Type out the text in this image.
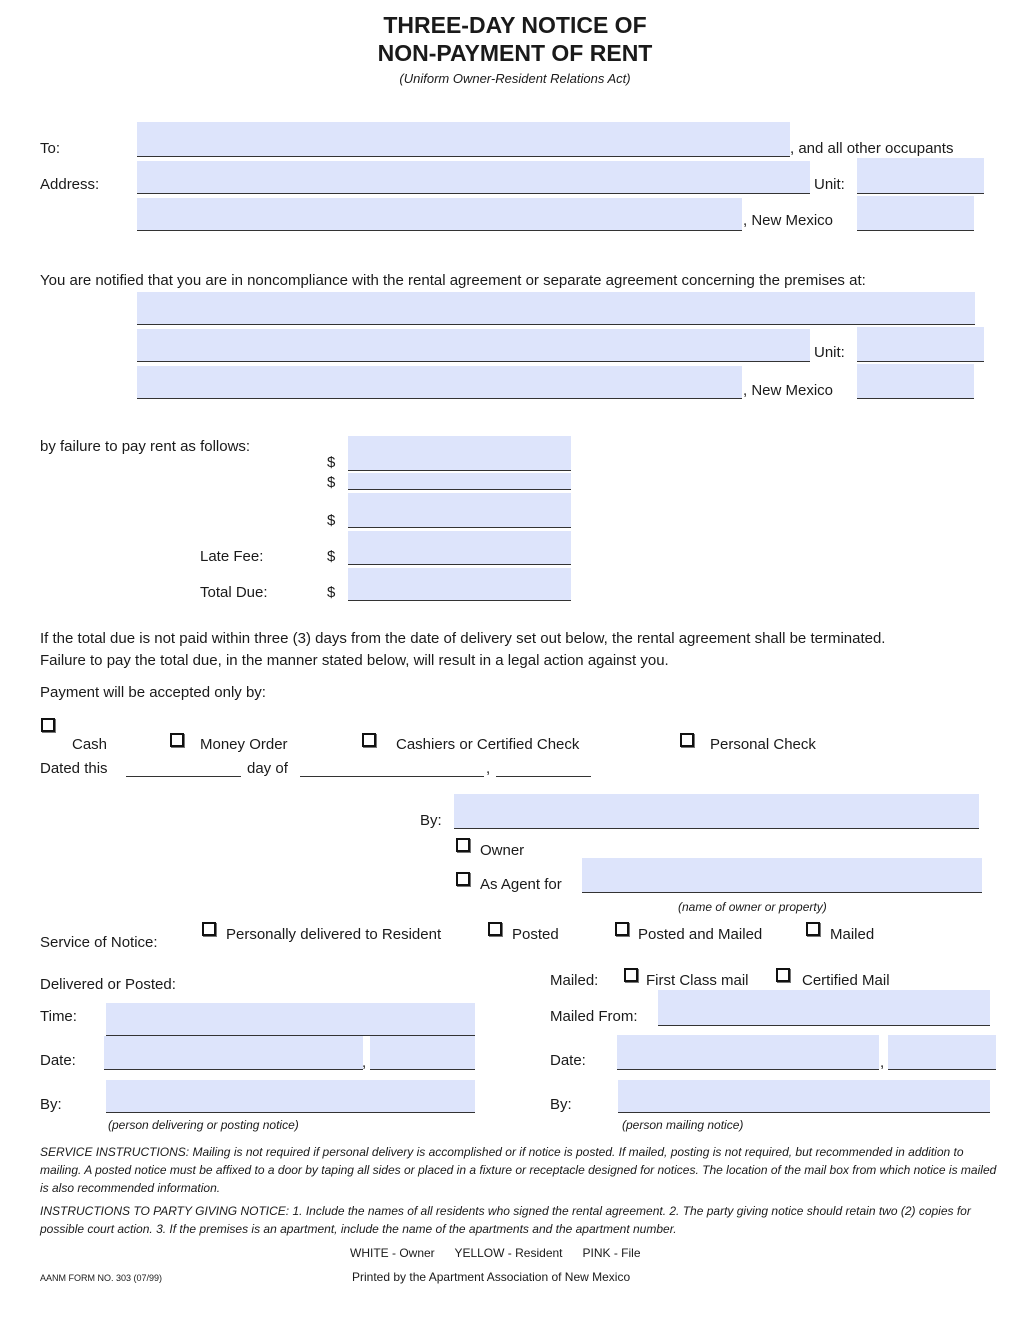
THREE-DAY NOTICE OF
NON-PAYMENT OF RENT
(Uniform Owner-Resident Relations Act)
To:	, and all other occupants
Address:	Unit:
, New Mexico
You are notified that you are in noncompliance with the rental agreement or separate agreement concerning the premises at:
Unit:
, New Mexico
by failure to pay rent as follows:
$
$
$
Late Fee:	$
Total Due:	$
If the total due is not paid within three (3) days from the date of delivery set out below, the rental agreement shall be terminated.
Failure to pay the total due, in the manner stated below, will result in a legal action against you.
Payment will be accepted only by:
Cash	Money Order	Cashiers or Certified Check	Personal Check
Dated this	day of	,
By:
Owner
As Agent for
(name of owner or property)
Service of Notice:	Personally delivered to Resident	Posted	Posted and Mailed	Mailed
Delivered or Posted:
Time:
Date:	,
By:
(person delivering or posting notice)
Mailed:	First Class mail	Certified Mail
Mailed From:
Date:	,
By:
(person mailing notice)
SERVICE INSTRUCTIONS: Mailing is not required if personal delivery is accomplished or if notice is posted. If mailed, posting is not required, but recommended in addition to mailing. A posted notice must be affixed to a door by taping all sides or placed in a fixture or receptacle designed for notices. The location of the mail box from which notice is mailed is also recommended information.
INSTRUCTIONS TO PARTY GIVING NOTICE: 1. Include the names of all residents who signed the rental agreement. 2. The party giving notice should retain two (2) copies for possible court action. 3. If the premises is an apartment, include the name of the apartments and the apartment number.
WHITE - Owner      YELLOW - Resident      PINK - File
AANM FORM NO. 303 (07/99)	Printed by the Apartment Association of New Mexico
